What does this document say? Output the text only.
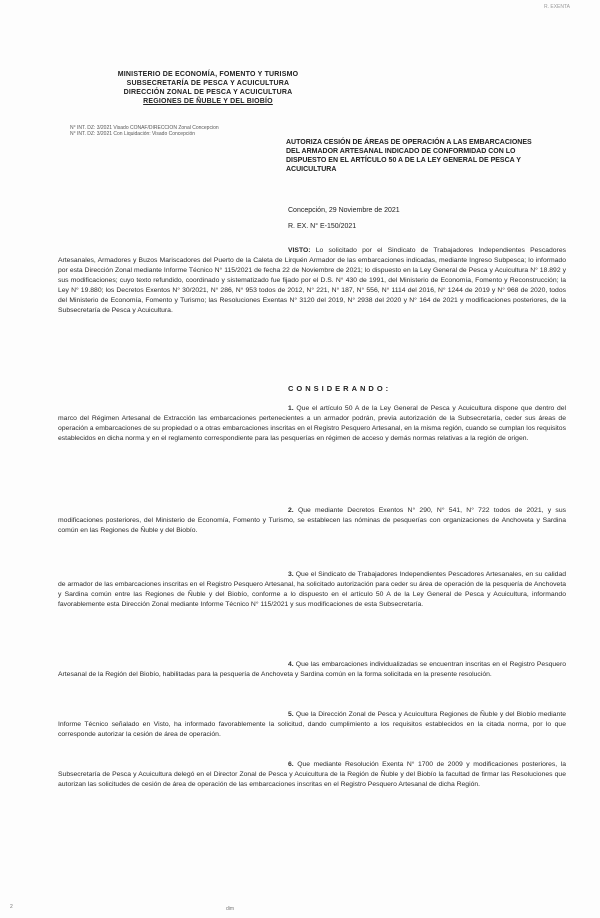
R. EXENTA
MINISTERIO DE ECONOMÍA, FOMENTO Y TURISMO
SUBSECRETARÍA DE PESCA Y ACUICULTURA
DIRECCIÓN ZONAL DE PESCA Y ACUICULTURA
REGIONES DE ÑUBLE Y DEL BIOBÍO
N° INT. DZ: 3/2021 Visado CONAF/DIRECCION Zonal Concepcion
N° INT. DZ: 3/2021 Con Liquidación: Visado Concepción
AUTORIZA CESIÓN DE ÁREAS DE OPERACIÓN A LAS EMBARCACIONES DEL ARMADOR ARTESANAL INDICADO DE CONFORMIDAD CON LO DISPUESTO EN EL ARTÍCULO 50 A DE LA LEY GENERAL DE PESCA Y ACUICULTURA
Concepción, 29 Noviembre de 2021
R. EX. N° E-150/2021
VISTO: Lo solicitado por el Sindicato de Trabajadores Independientes Pescadores Artesanales, Armadores y Buzos Mariscadores del Puerto de la Caleta de Lirquén Armador de las embarcaciones indicadas, mediante Ingreso Subpesca; lo informado por esta Dirección Zonal mediante Informe Técnico N° 115/2021 de fecha 22 de Noviembre de 2021; lo dispuesto en la Ley General de Pesca y Acuicultura N° 18.892 y sus modificaciones; cuyo texto refundido, coordinado y sistematizado fue fijado por el D.S. N° 430 de 1991, del Ministerio de Economía, Fomento y Reconstrucción; la Ley N° 19.880; los Decretos Exentos N° 30/2021, N° 286, N° 953 todos de 2012, N° 221, N° 187, N° 556, N° 1114 del 2016, N° 1244 de 2019 y N° 968 de 2020, todos del Ministerio de Economía, Fomento y Turismo; las Resoluciones Exentas N° 3120 del 2019, N° 2938 del 2020 y N° 164 de 2021 y modificaciones posteriores, de la Subsecretaría de Pesca y Acuicultura.
CONSIDERANDO:
1. Que el artículo 50 A de la Ley General de Pesca y Acuicultura dispone que dentro del marco del Régimen Artesanal de Extracción las embarcaciones pertenecientes a un armador podrán, previa autorización de la Subsecretaría, ceder sus áreas de operación a embarcaciones de su propiedad o a otras embarcaciones inscritas en el Registro Pesquero Artesanal, en la misma región, cuando se cumplan los requisitos establecidos en dicha norma y en el reglamento correspondiente para las pesquerías en régimen de acceso y demás normas relativas a la región de origen.
2. Que mediante Decretos Exentos N° 290, N° 541, N° 722 todos de 2021, y sus modificaciones posteriores, del Ministerio de Economía, Fomento y Turismo, se establecen las nóminas de pesquerías con organizaciones de Anchoveta y Sardina común en las Regiones de Ñuble y del Biobío.
3. Que el Sindicato de Trabajadores Independientes Pescadores Artesanales, en su calidad de armador de las embarcaciones inscritas en el Registro Pesquero Artesanal, ha solicitado autorización para ceder su área de operación de la pesquería de Anchoveta y Sardina común entre las Regiones de Ñuble y del Biobío, conforme a lo dispuesto en el artículo 50 A de la Ley General de Pesca y Acuicultura, informando favorablemente esta Dirección Zonal mediante Informe Técnico N° 115/2021 y sus modificaciones de esta Subsecretaría.
4. Que las embarcaciones individualizadas se encuentran inscritas en el Registro Pesquero Artesanal de la Región del Biobío, habilitadas para la pesquería de Anchoveta y Sardina común en la forma solicitada en la presente resolución.
5. Que la Dirección Zonal de Pesca y Acuicultura Regiones de Ñuble y del Biobío mediante Informe Técnico señalado en Visto, ha informado favorablemente la solicitud, dando cumplimiento a los requisitos establecidos en la citada norma, por lo que corresponde autorizar la cesión de área de operación.
6. Que mediante Resolución Exenta N° 1700 de 2009 y modificaciones posteriores, la Subsecretaría de Pesca y Acuicultura delegó en el Director Zonal de Pesca y Acuicultura de la Región de Ñuble y del Biobío la facultad de firmar las Resoluciones que autorizan las solicitudes de cesión de área de operación de las embarcaciones inscritas en el Registro Pesquero Artesanal de dicha Región.
2	dim
